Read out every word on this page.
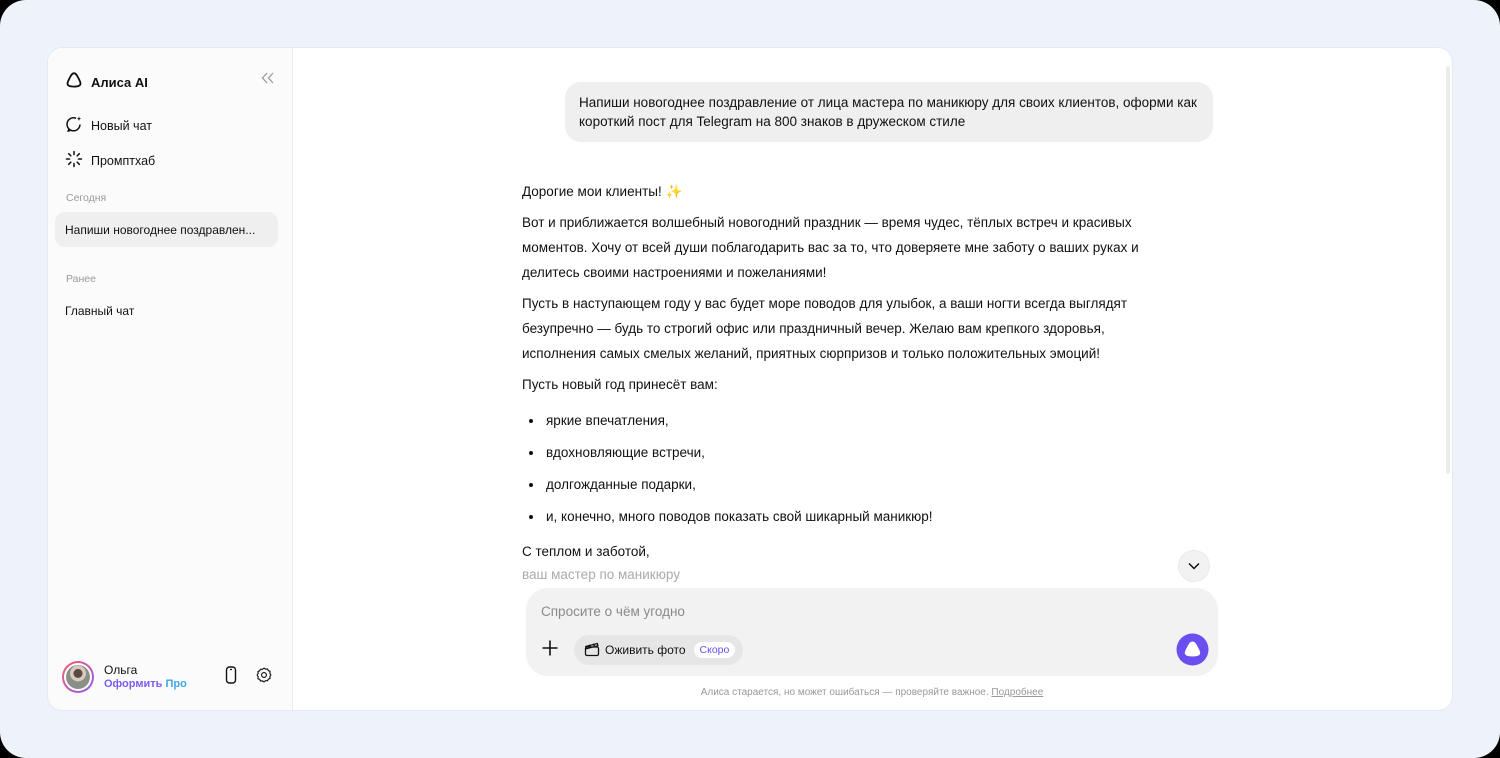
Алиса AI
Новый чат
Промптхаб
Сегодня
Напиши новогоднее поздравлен...
Ранее
Главный чат
Ольга
Оформить Про
Напиши новогоднее поздравление от лица мастера по маникюру для своих клиентов, оформи как короткий пост для Telegram на 800 знаков в дружеском стиле

Дорогие мои клиенты! ✨

Вот и приближается волшебный новогодний праздник — время чудес, тёплых встреч и красивых моментов. Хочу от всей души поблагодарить вас за то, что доверяете мне заботу о ваших руках и делитесь своими настроениями и пожеланиями!

Пусть в наступающем году у вас будет море поводов для улыбок, а ваши ногти всегда выглядят безупречно — будь то строгий офис или праздничный вечер. Желаю вам крепкого здоровья, исполнения самых смелых желаний, приятных сюрпризов и только положительных эмоций!

Пусть новый год принесёт вам:

яркие впечатления,
вдохновляющие встречи,
долгожданные подарки,
и, конечно, много поводов показать свой шикарный маникюр!
С теплом и заботой,
ваш мастер по маникюру
Спросите о чём угодно
Оживить фото	Скоро
Алиса старается, но может ошибаться — проверяйте важное. Подробнее
